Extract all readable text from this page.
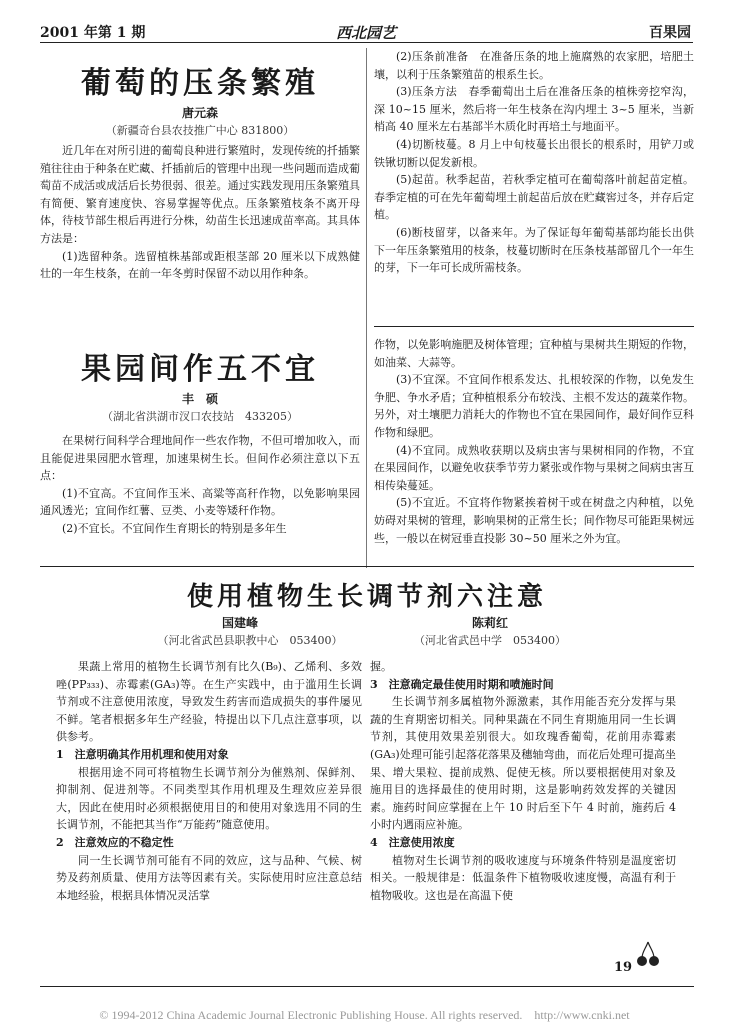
2001 年第 1 期	西北园艺	百果园
葡萄的压条繁殖
唐元森
（新疆奇台县农技推广中心 831800）

近几年在对所引进的葡萄良种进行繁殖时，发现传统的扦插繁殖往往由于种条在贮藏、扦插前后的管理中出现一些问题而造成葡萄苗不成活或成活后长势很弱、很差。通过实践发现用压条繁殖具有简便、繁育速度快、容易掌握等优点。压条繁殖枝条不离开母体，待枝节部生根后再进行分株，幼苗生长迅速成苗率高。其具体方法是：

(1)选留种条。选留植株基部或距根茎部 20 厘米以下成熟健壮的一年生枝条，在前一年冬剪时保留不动以用作种条。

(2)压条前准备　在准备压条的地上施腐熟的农家肥，培肥土壤，以利于压条繁殖苗的根系生长。

(3)压条方法　春季葡萄出土后在准备压条的植株旁挖窄沟，深 10~15 厘米，然后将一年生枝条在沟内埋土 3~5 厘米，当新梢高 40 厘米左右基部半木质化时再培土与地面平。

(4)切断枝蔓。8 月上中旬枝蔓长出很长的根系时，用铲刀或铁锹切断以促发新根。

(5)起苗。秋季起苗，若秋季定植可在葡萄落叶前起苗定植。春季定植的可在先年葡萄埋土前起苗后放在贮藏窖过冬，并存后定植。

(6)断枝留芽，以备来年。为了保证每年葡萄基部均能长出供下一年压条繁殖用的枝条，枝蔓切断时在压条枝基部留几个一年生的芽，下一年可长成所需枝条。

果园间作五不宜
丰　硕
（湖北省洪湖市汊口农技站　433205）

在果树行间科学合理地间作一些农作物，不但可增加收入，而且能促进果园肥水管理，加速果树生长。但间作必须注意以下五点：

(1)不宜高。不宜间作玉米、高粱等高秆作物，以免影响果园通风透光；宜间作红薯、豆类、小麦等矮秆作物。

(2)不宜长。不宜间作生育期长的特别是多年生

作物，以免影响施肥及树体管理；宜种植与果树共生期短的作物，如油菜、大蒜等。

(3)不宜深。不宜间作根系发达、扎根较深的作物，以免发生争肥、争水矛盾；宜种植根系分布较浅、主根不发达的蔬菜作物。另外，对土壤肥力消耗大的作物也不宜在果园间作，最好间作豆科作物和绿肥。

(4)不宜同。成熟收获期以及病虫害与果树相同的作物，不宜在果园间作，以避免收获季节劳力紧张或作物与果树之间病虫害互相传染蔓延。

(5)不宜近。不宜将作物紧挨着树干或在树盘之内种植，以免妨碍对果树的管理，影响果树的正常生长；间作物尽可能距果树远些，一般以在树冠垂直投影 30~50 厘米之外为宜。

使用植物生长调节剂六注意
国建峰	陈莉红
（河北省武邑县职教中心　053400）	（河北省武邑中学　053400）

果蔬上常用的植物生长调节剂有比久(B₉)、乙烯利、多效唑(PP₃₃₃)、赤霉素(GA₃)等。在生产实践中，由于滥用生长调节剂或不注意使用浓度，导致发生药害而造成损失的事件屡见不鲜。笔者根据多年生产经验，特提出以下几点注意事项，以供参考。

1　注意明确其作用机理和使用对象

根据用途不同可将植物生长调节剂分为催熟剂、保鲜剂、抑制剂、促进剂等。不同类型其作用机理及生理效应差异很大，因此在使用时必须根据使用目的和使用对象选用不同的生长调节剂，不能把其当作“万能药”随意使用。

2　注意效应的不稳定性

同一生长调节剂可能有不同的效应，这与品种、气候、树势及药剂质量、使用方法等因素有关。实际使用时应注意总结本地经验，根据具体情况灵活掌

握。

3　注意确定最佳使用时期和喷施时间

生长调节剂多属植物外源激素，其作用能否充分发挥与果蔬的生育期密切相关。同种果蔬在不同生育期施用同一生长调节剂，其使用效果差别很大。如玫瑰香葡萄，花前用赤霉素(GA₃)处理可能引起落花落果及穗轴弯曲，而花后处理可提高坐果、增大果粒、提前成熟、促使无核。所以要根据使用对象及施用目的选择最佳的使用时期，这是影响药效发挥的关键因素。施药时间应掌握在上午 10 时后至下午 4 时前，施药后 4 小时内遇雨应补施。

4　注意使用浓度

植物对生长调节剂的吸收速度与环境条件特别是温度密切相关。一般规律是：低温条件下植物吸收速度慢，高温有利于植物吸收。这也是在高温下使

19
© 1994-2012 China Academic Journal Electronic Publishing House. All rights reserved.　http://www.cnki.net
